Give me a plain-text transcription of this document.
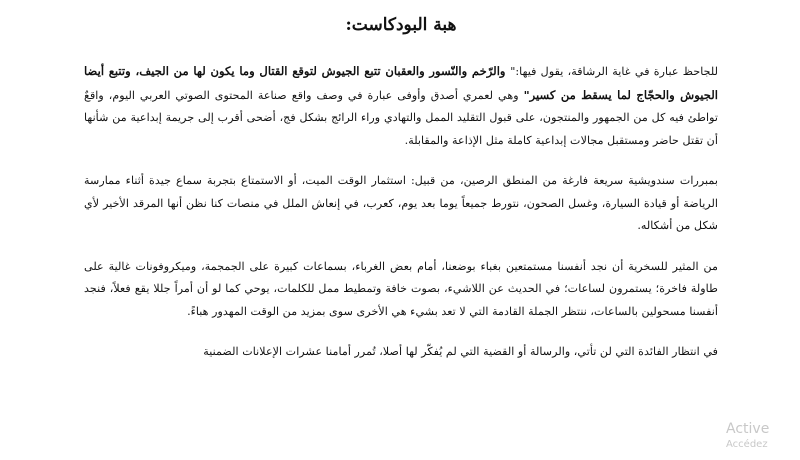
هبة البودكاست:

للجاحظ عبارة في غاية الرشاقة، يقول فيها:" والرّخم والنّسور والعقبان تتبع الجيوش لتوقع القتال وما يكون لها من الجيف، وتتبع أيضا الجيوش والحجّاج لما يسقط من كسير" وهي لعمري أصدق وأوفى عبارة في وصف واقع صناعة المحتوى الصوتي العربي اليوم، واقعٌ تواطئ فيه كل من الجمهور والمنتجون، على قبول التقليد الممل والتهادي وراء الرائج بشكل فج، أضحى أقرب إلى جريمة إبداعية من شأنها أن تقتل حاضر ومستقبل مجالات إبداعية كاملة مثل الإذاعة والمقابلة.

بمبررات سندويشية سريعة فارغة من المنطق الرصين، من قبيل: استثمار الوقت الميت، أو الاستمتاع بتجربة سماع جيدة أثناء ممارسة الرياضة أو قيادة السيارة، وغسل الصحون، نتورط جميعاً يوما بعد يوم، كعرب، في إنعاش الملل في منصات كنا نظن أنها المرقد الأخير لأي شكل من أشكاله.

من المثير للسخرية أن نجد أنفسنا مستمتعين بغباء بوضعنا، أمام بعض الغرباء، بسماعات كبيرة على الجمجمة، وميكروفونات غالية على طاولة فاخرة؛ يستمرون لساعات؛ في الحديث عن اللاشيء، بصوت خافة وتمطيط ممل للكلمات، يوحي كما لو أن أمراً جللا يقع فعلاً، فنجد أنفسنا مسحولين بالساعات، ننتظر الجملة القادمة التي لا تعد بشيء هي الأخرى سوى بمزيد من الوقت المهدور هباءً.

في انتظار الفائدة التي لن تأتي، والرسالة أو القضية التي لم يُفكّر لها أصلا، تُمرر أمامنا عشرات الإعلانات الضمنية

Active
Accédez
